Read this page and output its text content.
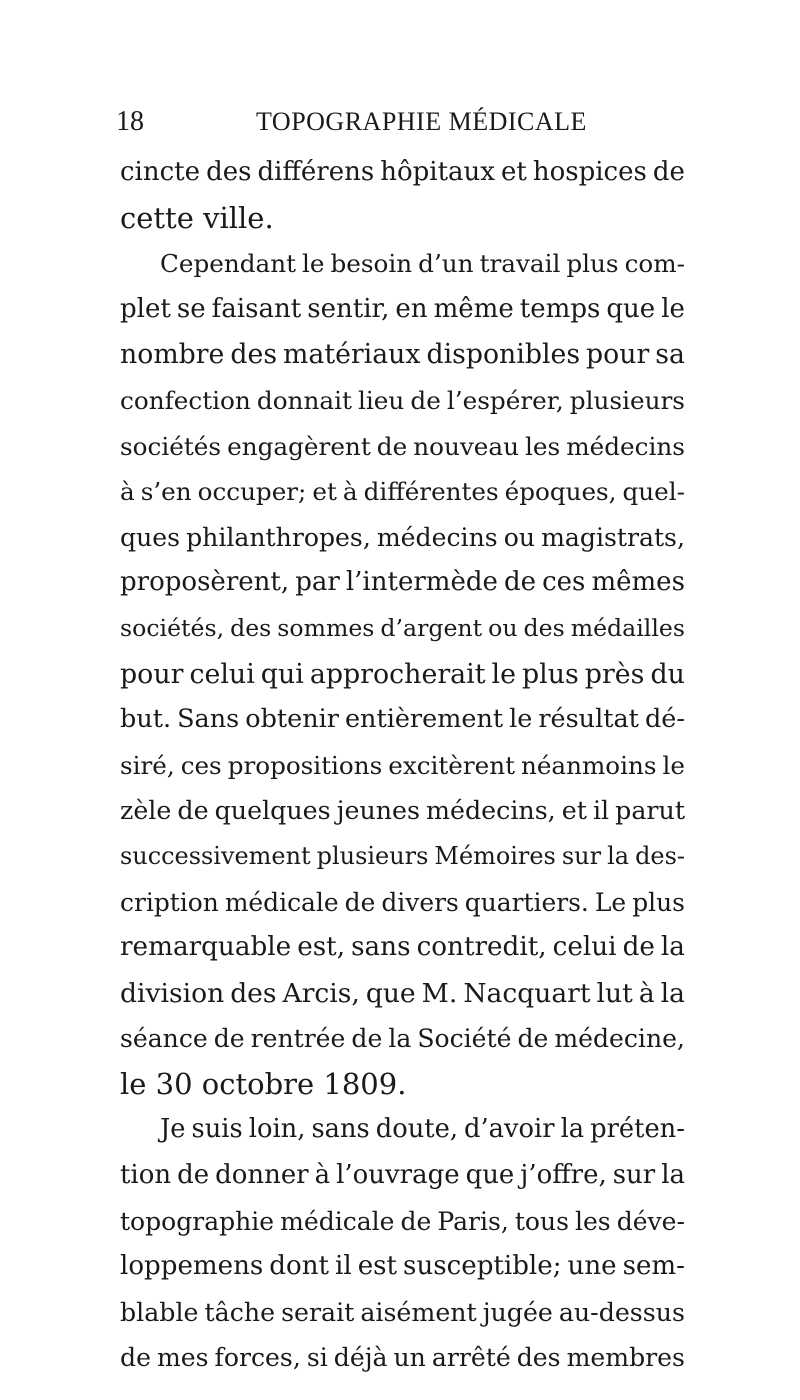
18	TOPOGRAPHIE MÉDICALE
cincte des différens hôpitaux et hospices de
cette ville.
Cependant le besoin d’un travail plus com-
plet se faisant sentir, en même temps que le
nombre des matériaux disponibles pour sa
confection donnait lieu de l’espérer, plusieurs
sociétés engagèrent de nouveau les médecins
à s’en occuper; et à différentes époques, quel-
ques philanthropes, médecins ou magistrats,
proposèrent, par l’intermède de ces mêmes
sociétés, des sommes d’argent ou des médailles
pour celui qui approcherait le plus près du
but. Sans obtenir entièrement le résultat dé-
siré, ces propositions excitèrent néanmoins le
zèle de quelques jeunes médecins, et il parut
successivement plusieurs Mémoires sur la des-
cription médicale de divers quartiers. Le plus
remarquable est, sans contredit, celui de la
division des Arcis, que M. Nacquart lut à la
séance de rentrée de la Société de médecine,
le 30 octobre 1809.
Je suis loin, sans doute, d’avoir la préten-
tion de donner à l’ouvrage que j’offre, sur la
topographie médicale de Paris, tous les déve-
loppemens dont il est susceptible; une sem-
blable tâche serait aisément jugée au-dessus
de mes forces, si déjà un arrêté des membres
